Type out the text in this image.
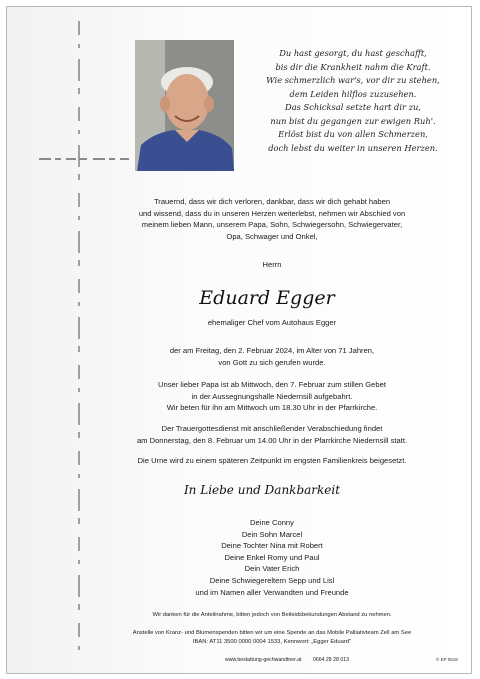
Du hast gesorgt, du hast geschafft,
bis dir die Krankheit nahm die Kraft.
Wie schmerzlich war's, vor dir zu stehen,
dem Leiden hilflos zuzusehen.
Das Schicksal setzte hart dir zu,
nun bist du gegangen zur ewigen Ruh'.
Erlöst bist du von allen Schmerzen,
doch lebst du weiter in unseren Herzen.
Trauernd, dass wir dich verloren, dankbar, dass wir dich gehabt haben
und wissend, dass du in unseren Herzen weiterlebst, nehmen wir Abschied von
meinem lieben Mann, unserem Papa, Sohn, Schwiegersohn, Schwiegervater,
Opa, Schwager und Onkel,
Herrn
Eduard Egger
ehemaliger Chef vom Autohaus Egger
der am Freitag, den 2. Februar 2024, im Alter von 71 Jahren,
von Gott zu sich gerufen wurde.
Unser lieber Papa ist ab Mittwoch, den 7. Februar zum stillen Gebet
in der Aussegnungshalle Niedernsill aufgebahrt.
Wir beten für ihn am Mittwoch um 18.30 Uhr in der Pfarrkirche.
Der Trauergottesdienst mit anschließender Verabschiedung findet
am Donnerstag, den 8. Februar um 14.00 Uhr in der Pfarrkirche Niedernsill statt.
Die Urne wird zu einem späteren Zeitpunkt im engsten Familienkreis beigesetzt.
In Liebe und Dankbarkeit
Deine Conny
Dein Sohn Marcel
Deine Tochter Nina mit Robert
Deine Enkel Romy und Paul
Dein Vater Erich
Deine Schwiegereltern Sepp und Lisl
und im Namen aller Verwandten und Freunde
Wir danken für die Anteilnahme, bitten jedoch von Beileidsbekundungen Abstand zu nehmen.
Anstelle von Kranz- und Blumenspenden bitten wir um eine Spende an das Mobile Palliativteam Zell am See
IBAN: AT11 3500 0000 0004 1533, Kennwort: „Egger Eduard"
www.bestattung-gechwandtner.at 0664 28 28 013	© EP 0518
